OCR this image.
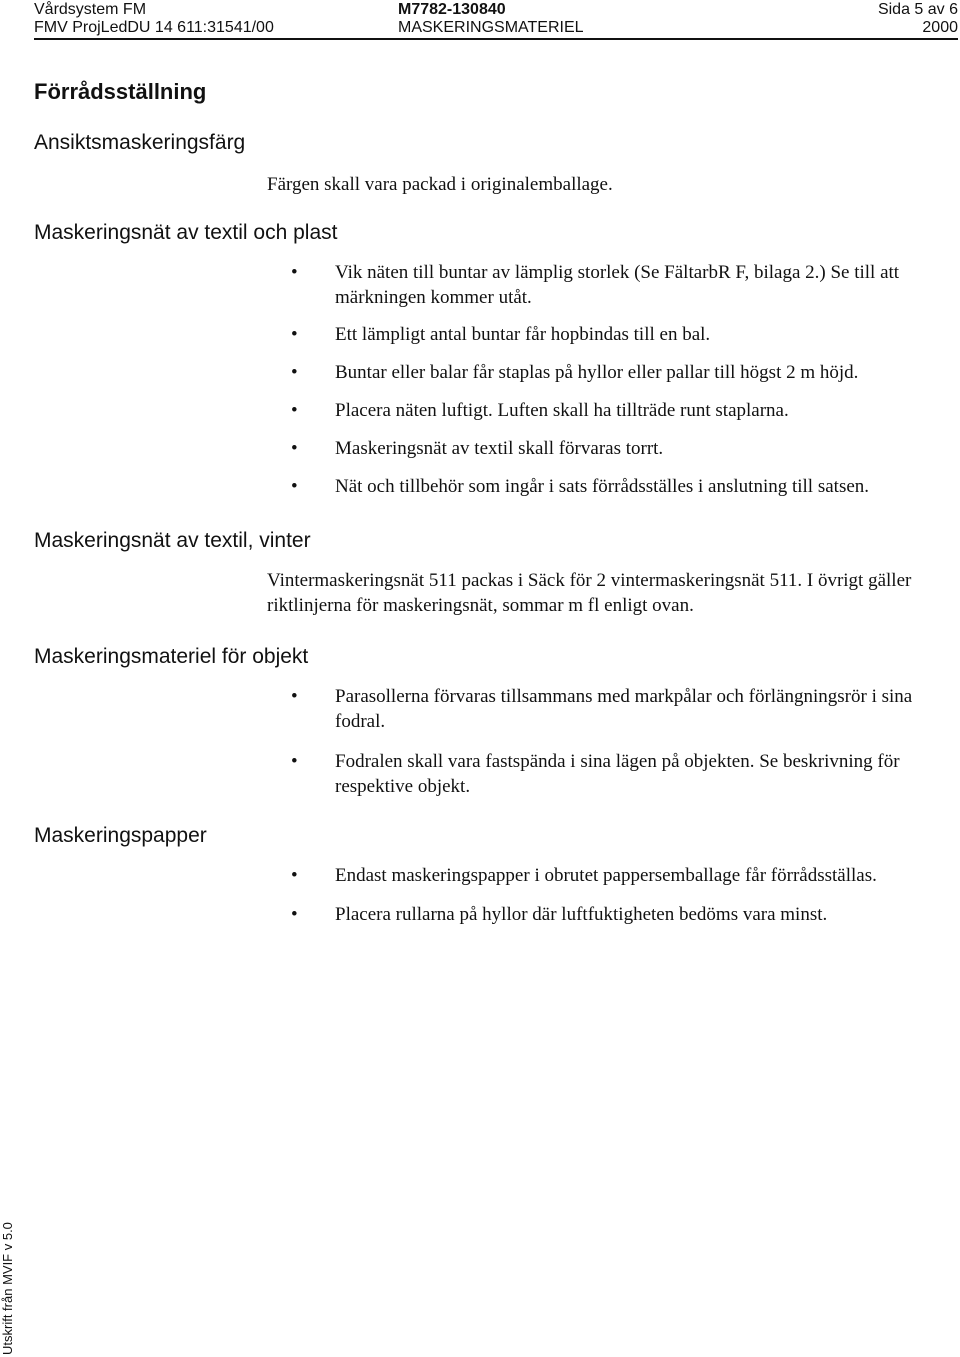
Vårdsystem FM
FMV ProjLedDU 14 611:31541/00
M7782-130840
MASKERINGSMATERIEL
Sida 5 av 6
2000
Förrådsställning
Ansiktsmaskeringsfärg
Färgen skall vara packad i originalemballage.
Maskeringsnät av textil och plast
• Vik näten till buntar av lämplig storlek (Se FältarbR F, bilaga 2.) Se till att märkningen kommer utåt.
• Ett lämpligt antal buntar får hopbindas till en bal.
• Buntar eller balar får staplas på hyllor eller pallar till högst 2 m höjd.
• Placera näten luftigt. Luften skall ha tillträde runt staplarna.
• Maskeringsnät av textil skall förvaras torrt.
• Nät och tillbehör som ingår i sats förrådsställes i anslutning till satsen.
Maskeringsnät av textil, vinter
Vintermaskeringsnät 511 packas i Säck för 2 vintermaskeringsnät 511. I övrigt gäller riktlinjerna för maskeringsnät, sommar m fl enligt ovan.
Maskeringsmateriel för objekt
• Parasollerna förvaras tillsammans med markpålar och förlängningsrör i sina fodral.
• Fodralen skall vara fastspända i sina lägen på objekten. Se beskrivning för respektive objekt.
Maskeringspapper
• Endast maskeringspapper i obrutet pappersemballage får förrådsställas.
• Placera rullarna på hyllor där luftfuktigheten bedöms vara minst.
Utskrift från MVIF v 5.0
